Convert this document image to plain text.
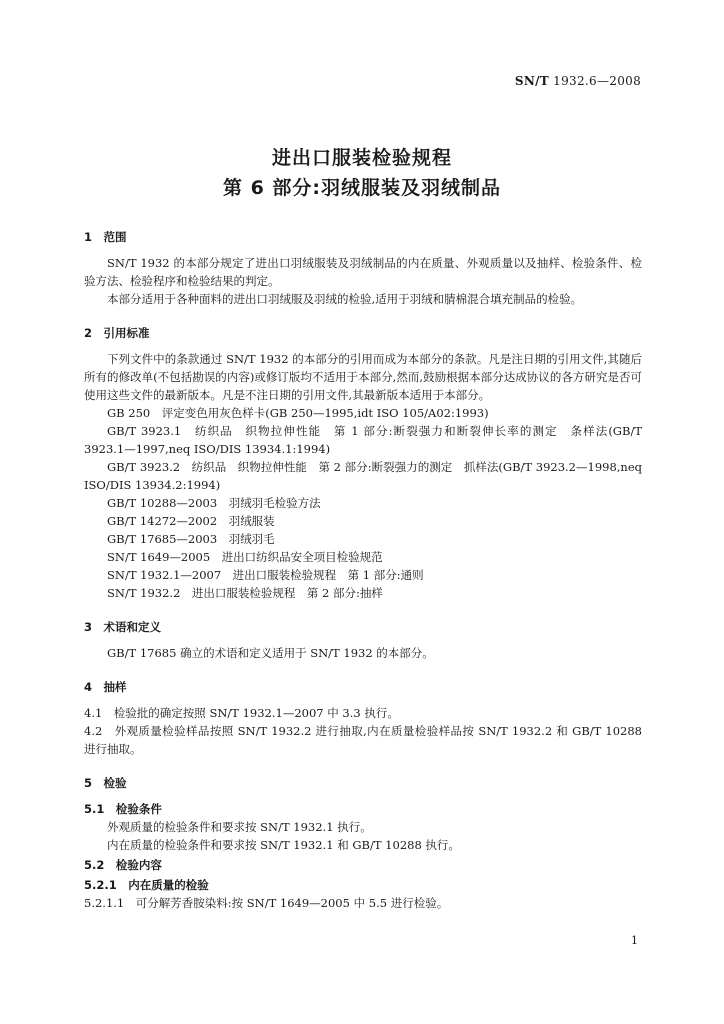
SN/T 1932.6—2008
进出口服装检验规程
第 6 部分:羽绒服装及羽绒制品
1　范围

SN/T 1932 的本部分规定了进出口羽绒服装及羽绒制品的内在质量、外观质量以及抽样、检验条件、检验方法、检验程序和检验结果的判定。

本部分适用于各种面料的进出口羽绒服及羽绒的检验,适用于羽绒和腈棉混合填充制品的检验。

2　引用标准

下列文件中的条款通过 SN/T 1932 的本部分的引用而成为本部分的条款。凡是注日期的引用文件,其随后所有的修改单(不包括勘误的内容)或修订版均不适用于本部分,然而,鼓励根据本部分达成协议的各方研究是否可使用这些文件的最新版本。凡是不注日期的引用文件,其最新版本适用于本部分。

GB 250　评定变色用灰色样卡(GB 250—1995,idt ISO 105/A02:1993)

GB/T 3923.1　纺织品　织物拉伸性能　第 1 部分:断裂强力和断裂伸长率的测定　条样法(GB/T 3923.1—1997,neq ISO/DIS 13934.1:1994)

GB/T 3923.2　纺织品　织物拉伸性能　第 2 部分:断裂强力的测定　抓样法(GB/T 3923.2—1998,neq ISO/DIS 13934.2:1994)

GB/T 10288—2003　羽绒羽毛检验方法

GB/T 14272—2002　羽绒服装

GB/T 17685—2003　羽绒羽毛

SN/T 1649—2005　进出口纺织品安全项目检验规范

SN/T 1932.1—2007　进出口服装检验规程　第 1 部分:通则

SN/T 1932.2　进出口服装检验规程　第 2 部分:抽样

3　术语和定义

GB/T 17685 确立的术语和定义适用于 SN/T 1932 的本部分。

4　抽样

4.1　检验批的确定按照 SN/T 1932.1—2007 中 3.3 执行。

4.2　外观质量检验样品按照 SN/T 1932.2 进行抽取,内在质量检验样品按 SN/T 1932.2 和 GB/T 10288 进行抽取。

5　检验
5.1　检验条件

外观质量的检验条件和要求按 SN/T 1932.1 执行。

内在质量的检验条件和要求按 SN/T 1932.1 和 GB/T 10288 执行。

5.2　检验内容
5.2.1　内在质量的检验

5.2.1.1　可分解芳香胺染料:按 SN/T 1649—2005 中 5.5 进行检验。

1
